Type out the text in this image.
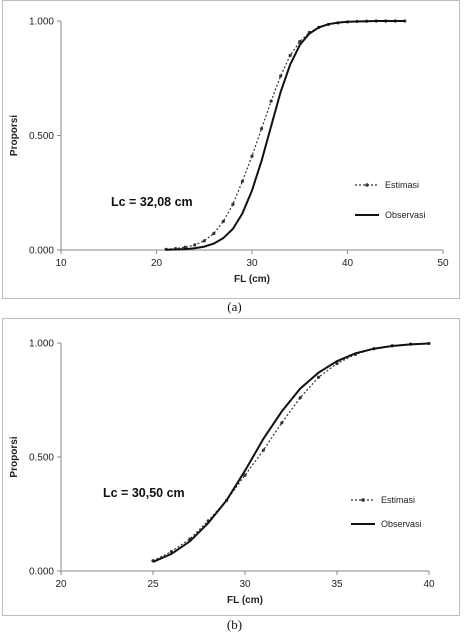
10	20	30	40	50
0.000
0.500
1.000
FL (cm)
Proporsi
Lc = 32,08 cm
Estimasi
Observasi
(a)
20	25	30	35	40
0.000
0.500
1.000
FL (cm)
Proporsi
Lc = 30,50 cm	Estimasi
Observasi
(b)
